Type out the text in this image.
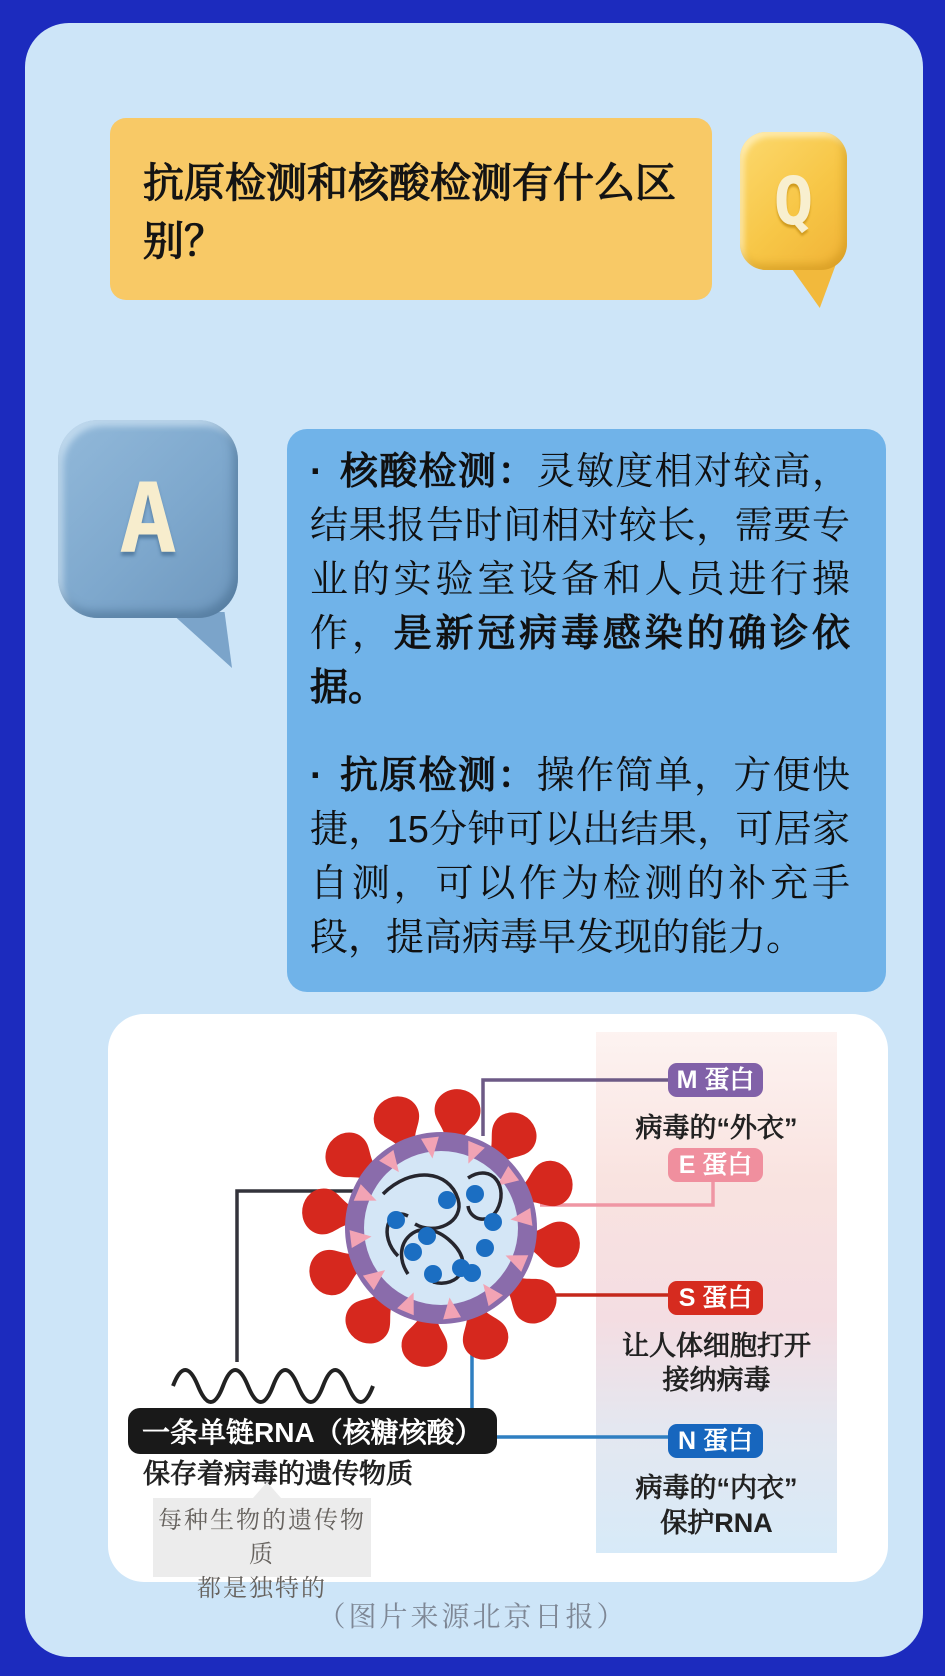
抗原检测和核酸检测有什么区别？
Q
A	· 核酸检测：灵敏度相对较高，结果报告时间相对较长，需要专业的实验室设备和人员进行操作，是新冠病毒感染的确诊依据。

· 抗原检测：操作简单，方便快捷，15分钟可以出结果，可居家自测，可以作为检测的补充手段，提高病毒早发现的能力。

M 蛋白
病毒的“外衣”
E 蛋白
S 蛋白
让人体细胞打开
接纳病毒
N 蛋白
病毒的“内衣”
保护RNA
一条单链RNA（核糖核酸）
保存着病毒的遗传物质
每种生物的遗传物质
都是独特的
（图片来源北京日报）
